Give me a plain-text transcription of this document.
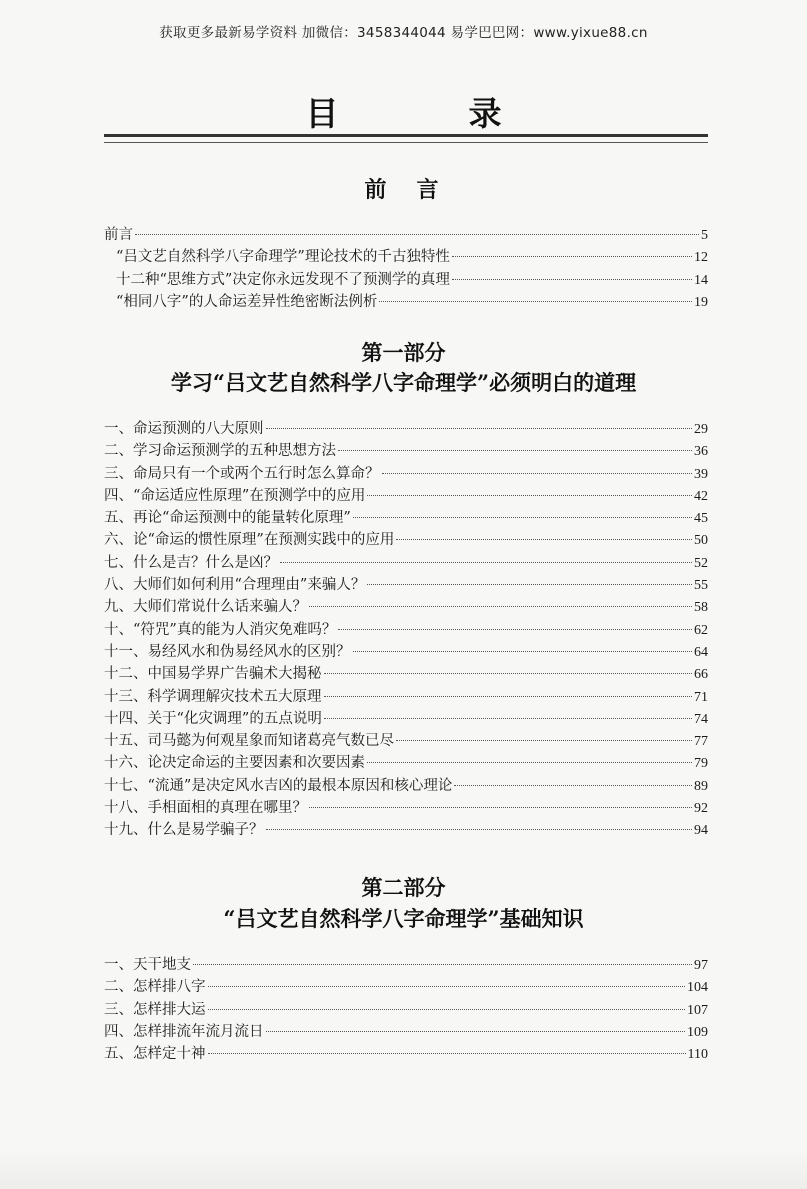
获取更多最新易学资料 加微信：3458344044 易学巴巴网：www.yixue88.cn
目	录
前　言
前言	5
“吕文艺自然科学八字命理学”理论技术的千古独特性	12
十二种“思维方式”决定你永远发现不了预测学的真理	14
“相同八字”的人命运差异性绝密断法例析	19
第一部分
学习“吕文艺自然科学八字命理学”必须明白的道理
一、命运预测的八大原则	29
二、学习命运预测学的五种思想方法	36
三、命局只有一个或两个五行时怎么算命？	39
四、“命运适应性原理”在预测学中的应用	42
五、再论“命运预测中的能量转化原理”	45
六、论“命运的惯性原理”在预测实践中的应用	50
七、什么是吉？什么是凶？	52
八、大师们如何利用“合理理由”来骗人？	55
九、大师们常说什么话来骗人？	58
十、“符咒”真的能为人消灾免难吗？	62
十一、易经风水和伪易经风水的区别？	64
十二、中国易学界广告骗术大揭秘	66
十三、科学调理解灾技术五大原理	71
十四、关于“化灾调理”的五点说明	74
十五、司马懿为何观星象而知诸葛亮气数已尽	77
十六、论决定命运的主要因素和次要因素	79
十七、“流通”是决定风水吉凶的最根本原因和核心理论	89
十八、手相面相的真理在哪里？	92
十九、什么是易学骗子？	94
第二部分
“吕文艺自然科学八字命理学”基础知识
一、天干地支	97
二、怎样排八字	104
三、怎样排大运	107
四、怎样排流年流月流日	109
五、怎样定十神	110
